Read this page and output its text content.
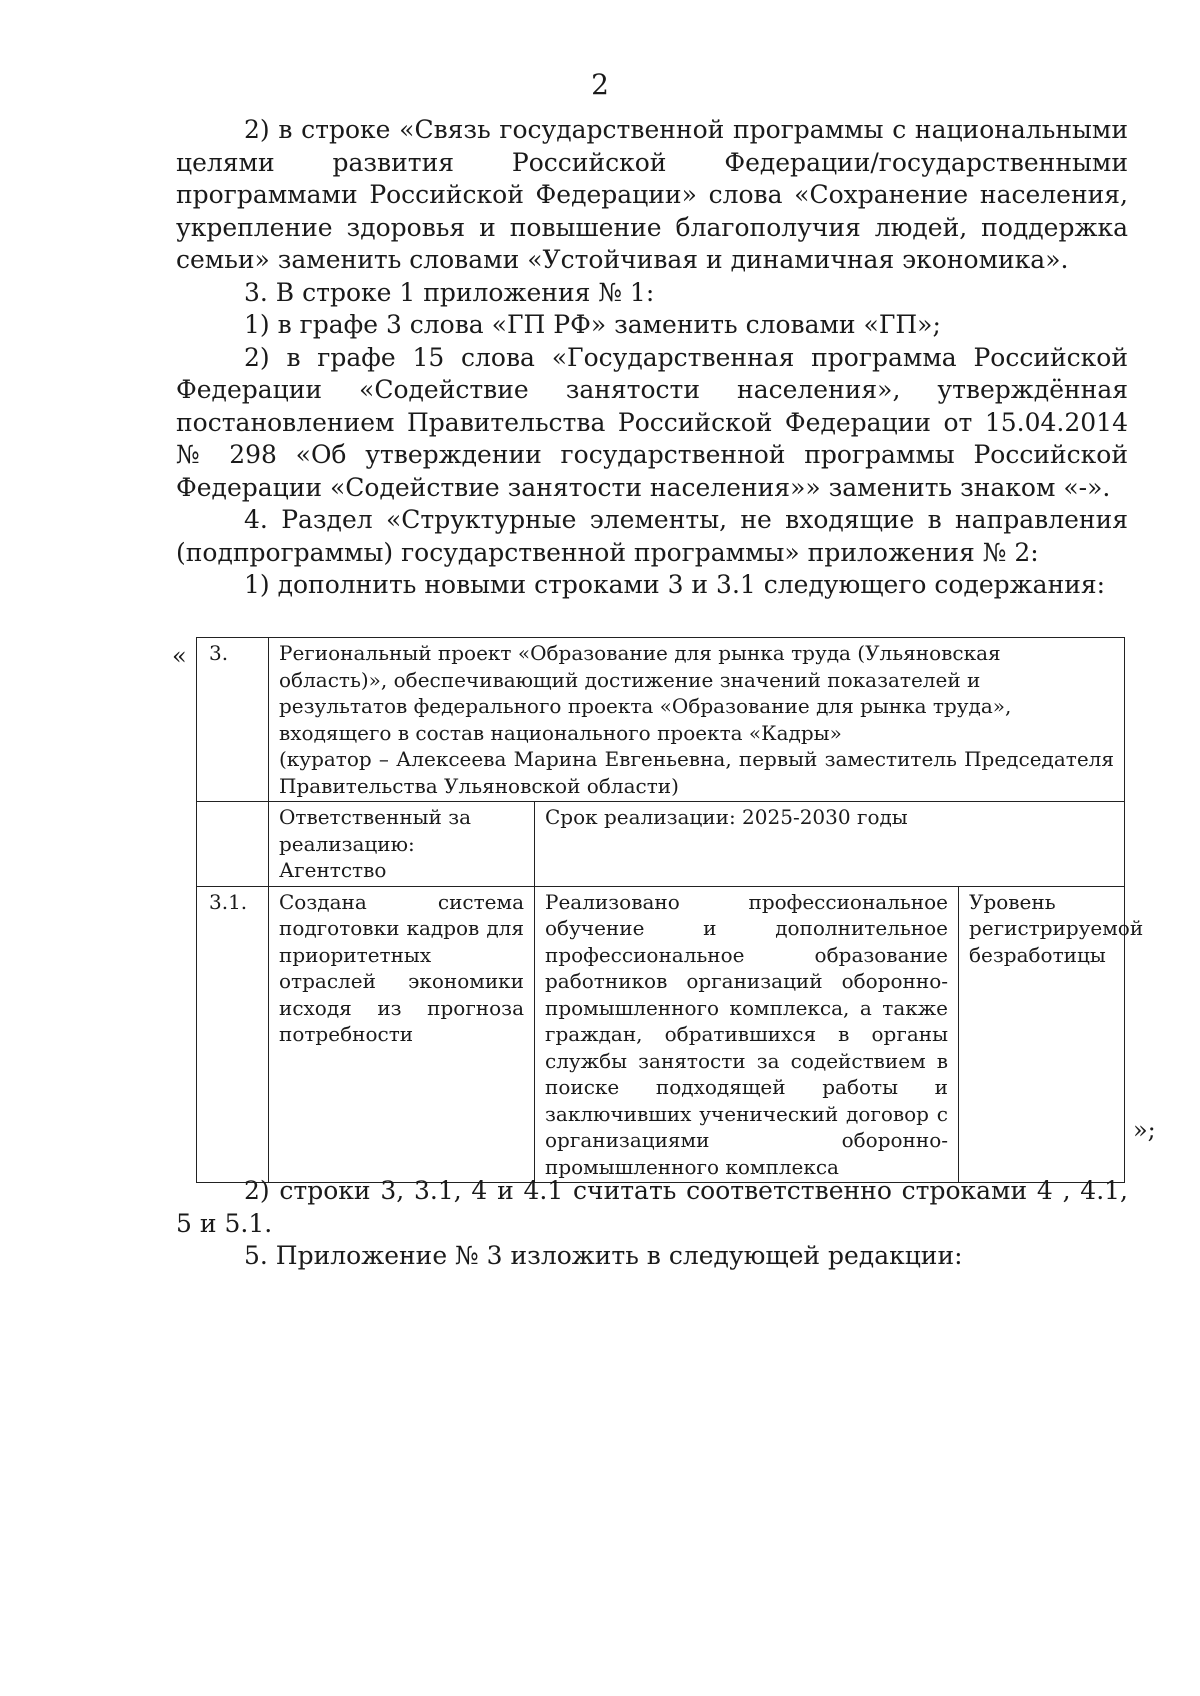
2

2) в строке «Связь государственной программы с национальными целями развития Российской Федерации/государственными программами Российской Федерации» слова «Сохранение населения, укрепление здоровья и повышение благополучия людей, поддержка семьи» заменить словами «Устойчивая и динамичная экономика».

3. В строке 1 приложения № 1:

1) в графе 3 слова «ГП РФ» заменить словами «ГП»;

2) в графе 15 слова «Государственная программа Российской Федерации «Содействие занятости населения», утверждённая постановлением Правительства Российской Федерации от 15.04.2014 № 298 «Об утверждении государственной программы Российской Федерации «Содействие занятости населения»» заменить знаком «-».

4. Раздел «Структурные элементы, не входящие в направления (подпрограммы) государственной программы» приложения № 2:

1) дополнить новыми строками 3 и 3.1 следующего содержания:

« 3.	Региональный проект «Образование для рынка труда (Ульяновская область)», обеспечивающий достижение значений показателей и результатов федерального проекта «Образование для рынка труда», входящего в состав национального проекта «Кадры»
(куратор – Алексеева Марина Евгеньевна, первый заместитель Председателя Правительства Ульяновской области)		

	Ответственный за реализацию: Агентство	Срок реализации: 2025-2030 годы	
3.1.	Создана система подготовки кадров для приоритетных отраслей экономики исходя из прогноза потребности	Реализовано профессиональное обучение и дополнительное профессиональное образование работников организаций оборонно-промышленного комплекса, а также граждан, обратившихся в органы службы занятости за содействием в поиске подходящей работы и заключивших ученический договор с организациями оборонно-промышленного комплекса	Уровень регистрируемой безработицы
»;

2) строки 3, 3.1, 4 и 4.1 считать соответственно строками 4 , 4.1, 5 и 5.1.

5. Приложение № 3 изложить в следующей редакции:
